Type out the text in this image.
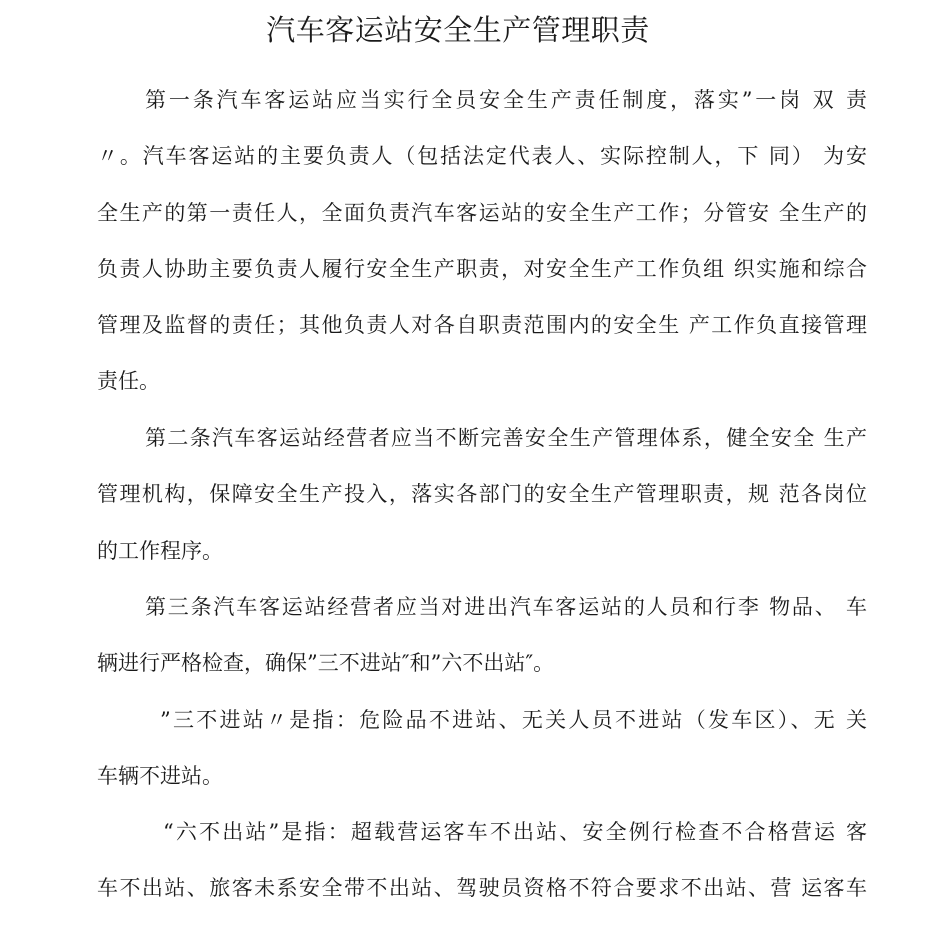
汽车客运站安全生产管理职责
第一条汽车客运站应当实行全员安全生产责任制度，落实”一岗 双 责
〃。汽车客运站的主要负责人（包括法定代表人、实际控制人，下 同） 为安
全生产的第一责任人，全面负责汽车客运站的安全生产工作；分管安 全生产的
负责人协助主要负责人履行安全生产职责，对安全生产工作负组 织实施和综合
管理及监督的责任；其他负责人对各自职责范围内的安全生 产工作负直接管理
责任。
第二条汽车客运站经营者应当不断完善安全生产管理体系，健全安全 生产
管理机构，保障安全生产投入，落实各部门的安全生产管理职责，规 范各岗位
的工作程序。
第三条汽车客运站经营者应当对进出汽车客运站的人员和行李 物品、 车
辆进行严格检查，确保”三不进站″和”六不出站″。
”三不进站〃是指：危险品不进站、无关人员不进站（发车区）、无 关
车辆不进站。
“六不出站”是指：超载营运客车不出站、安全例行检查不合格营运 客
车不出站、旅客未系安全带不出站、驾驶员资格不符合要求不出站、营 运客车
